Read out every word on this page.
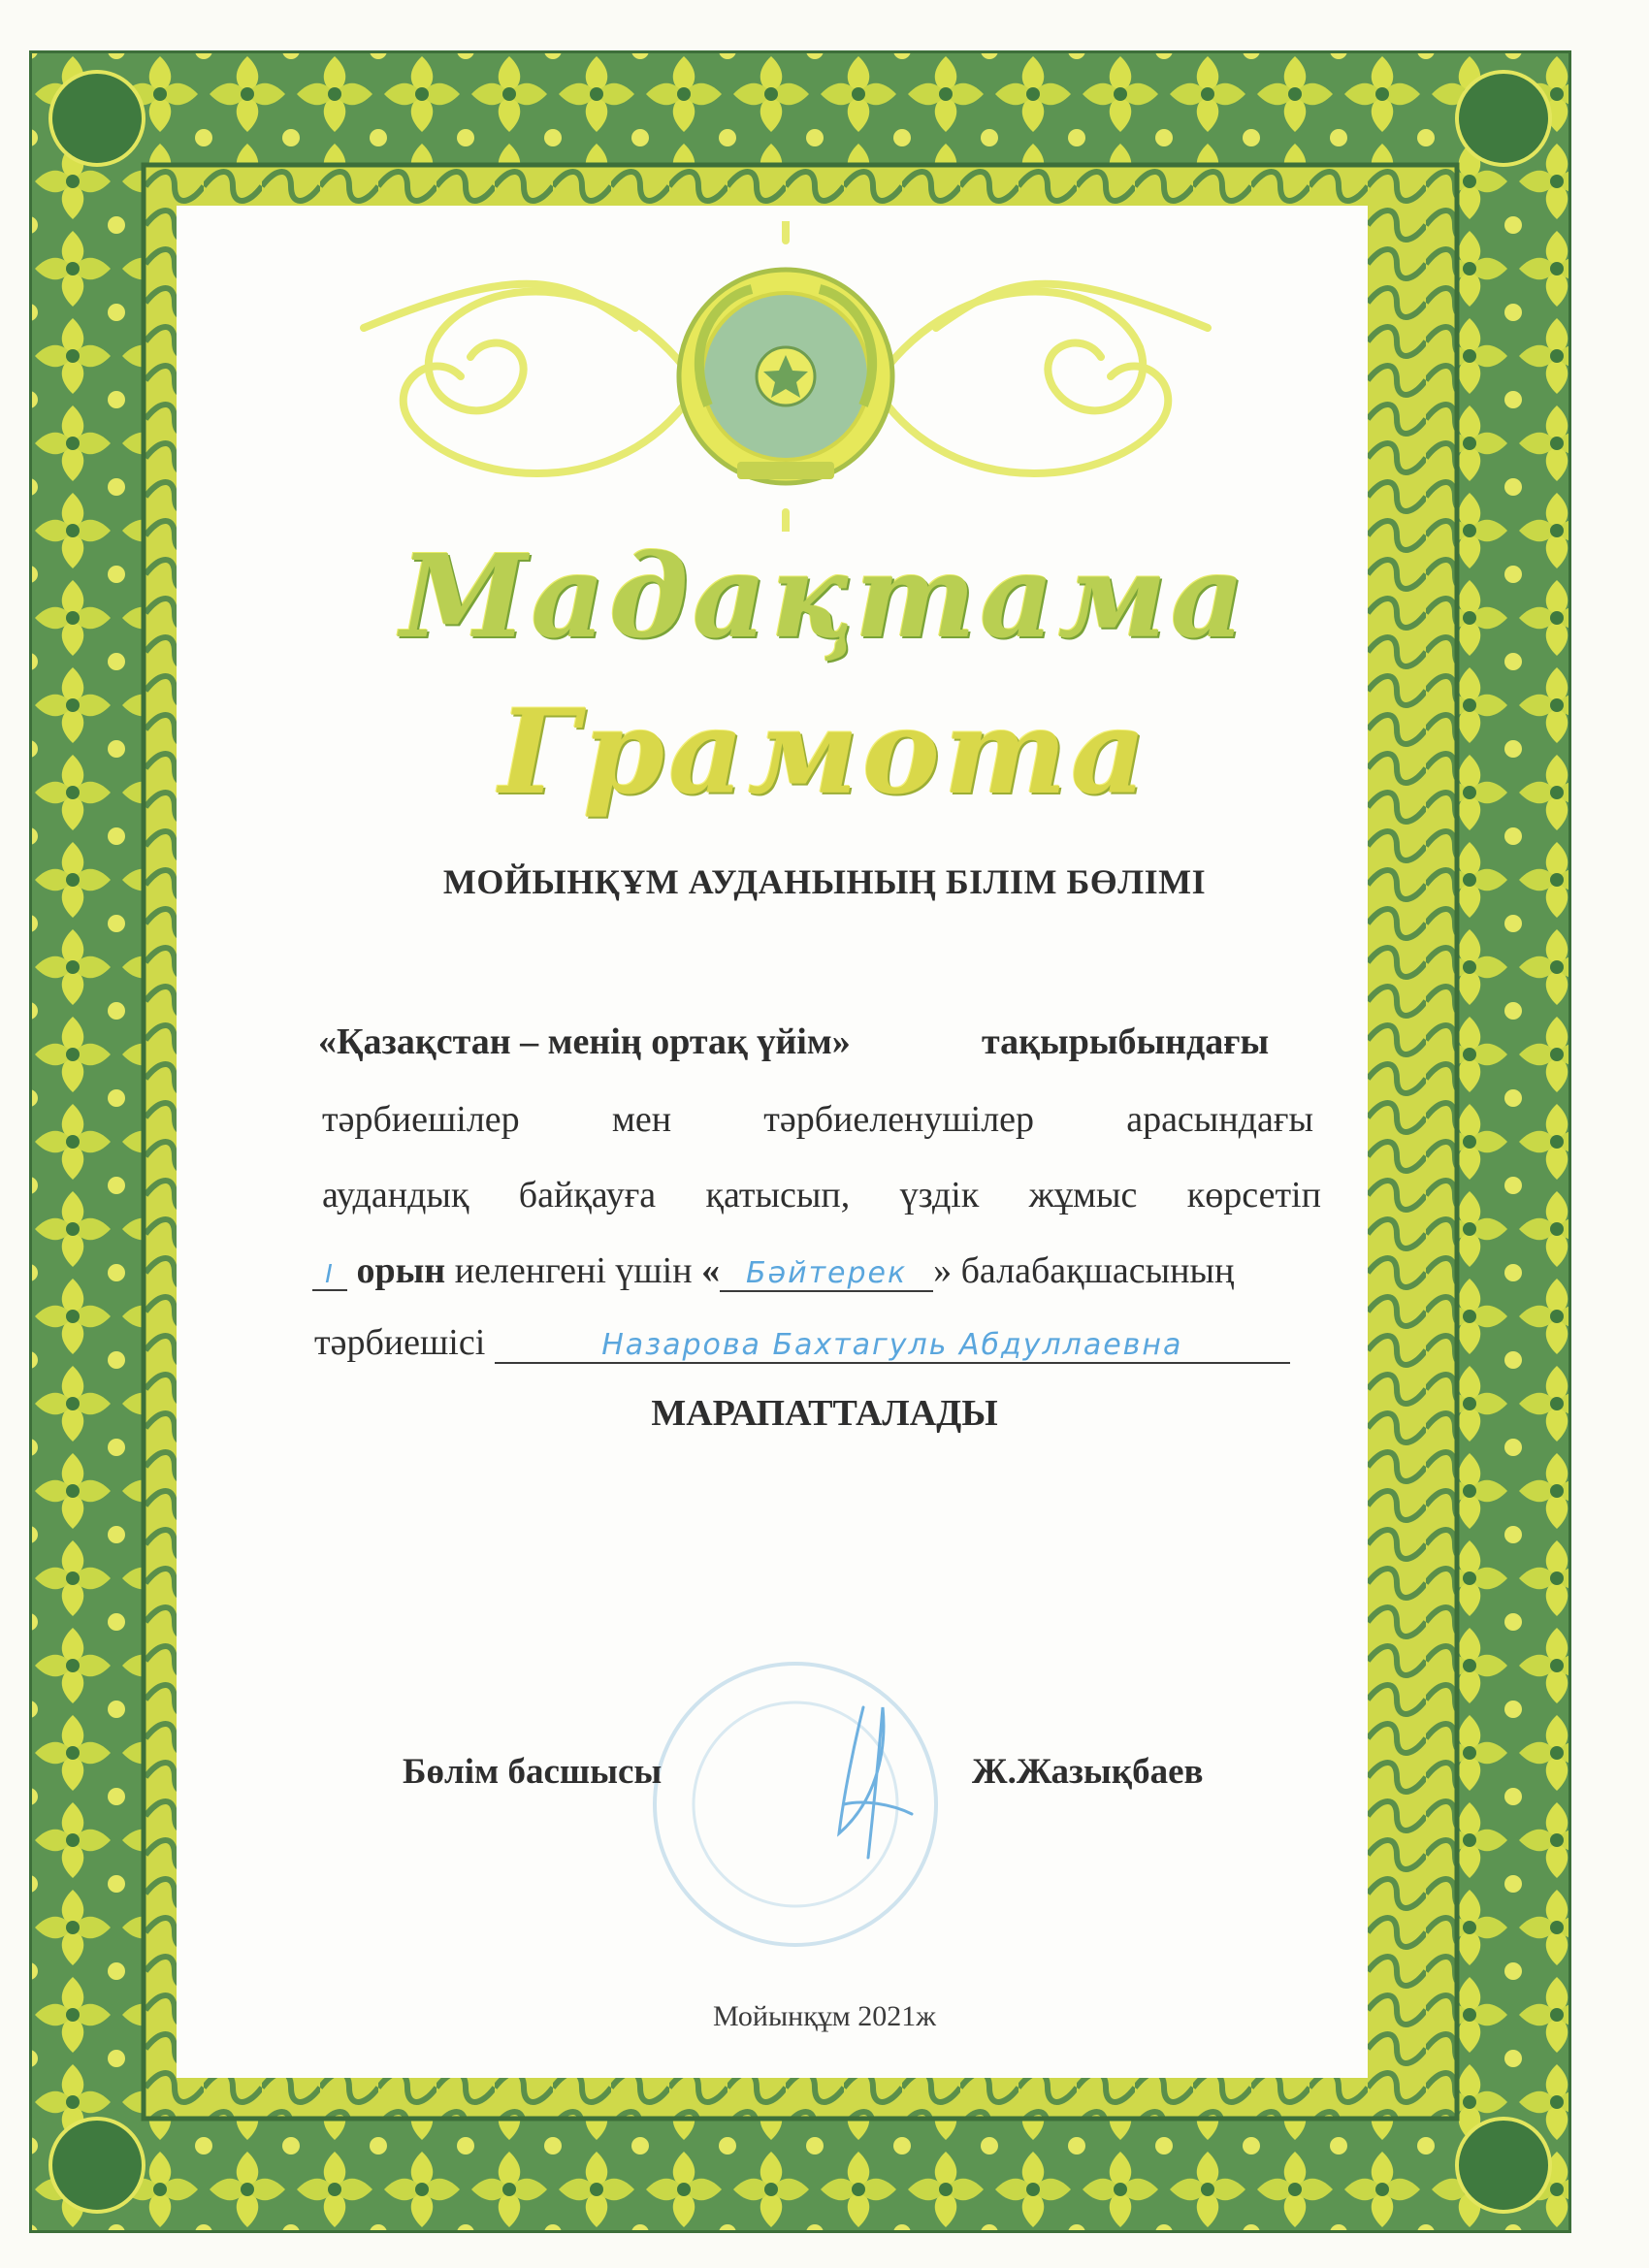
Мадақтама
Грамота
МОЙЫНҚҰМ АУДАНЫНЫҢ БІЛІМ БӨЛІМІ
«Қазақстан – менің ортақ үйім»	тақырыбындағы
тәрбиешілер	мен	тәрбиеленушілер	арасындағы
аудандық байқауға қатысып, үздік жұмыс көрсетіп
I орын иеленгені үшін « Бәйтерек » балабақшасының
тәрбиешісі	Назарова Бахтагуль Абдуллаевна
МАРАПАТТАЛАДЫ
Бөлім басшысы	Ж.Жазықбаев
Мойынқұм 2021ж
